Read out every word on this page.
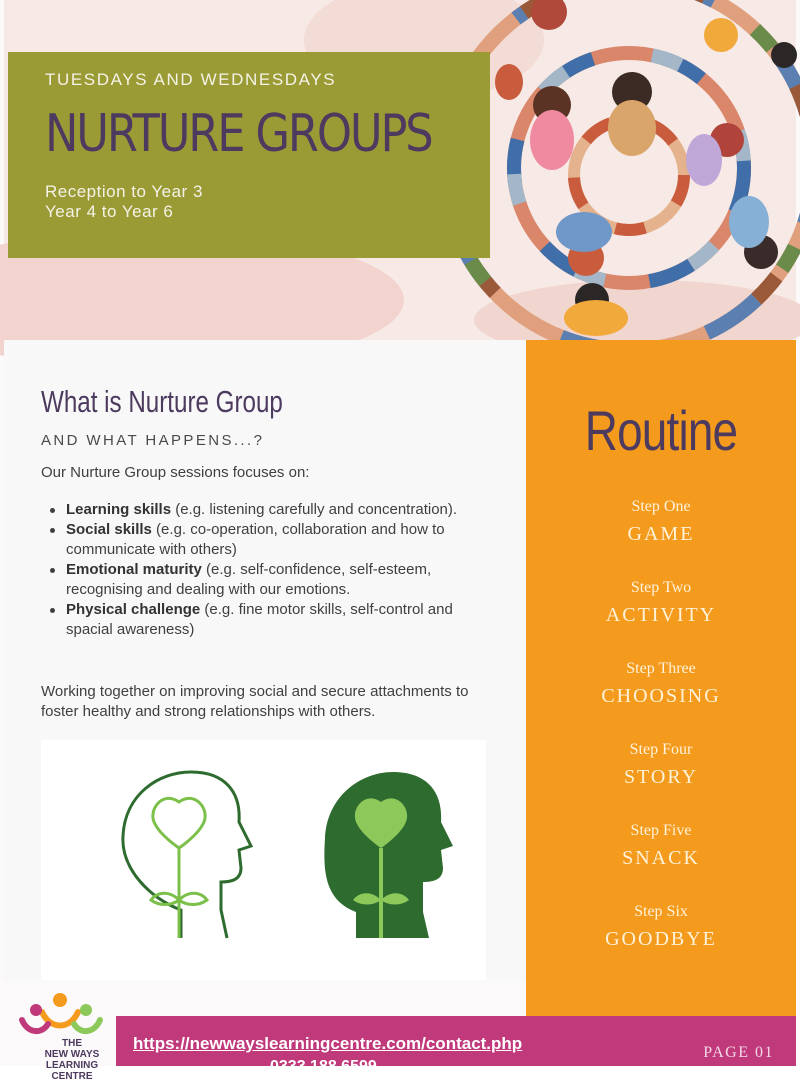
TUESDAYS AND WEDNESDAYS
NURTURE GROUPS
Reception to Year 3
Year 4 to Year 6
What is Nurture Group
AND WHAT HAPPENS...?
Our Nurture Group sessions focuses on:
Learning skills (e.g. listening carefully and concentration).
Social skills (e.g. co-operation, collaboration and how to communicate with others)
Emotional maturity (e.g. self-confidence, self-esteem, recognising and dealing with our emotions.
Physical challenge (e.g. fine motor skills, self-control and spacial awareness)
Working together on improving social and secure attachments to foster healthy and strong relationships with others.
Routine
Step One
GAME
Step Two
ACTIVITY
Step Three
CHOOSING
Step Four
STORY
Step Five
SNACK
Step Six
GOODBYE
THE
NEW WAYS
LEARNING CENTRE
https://newwayslearningcentre.com/contact.php
0333 188 6599
PAGE 01
